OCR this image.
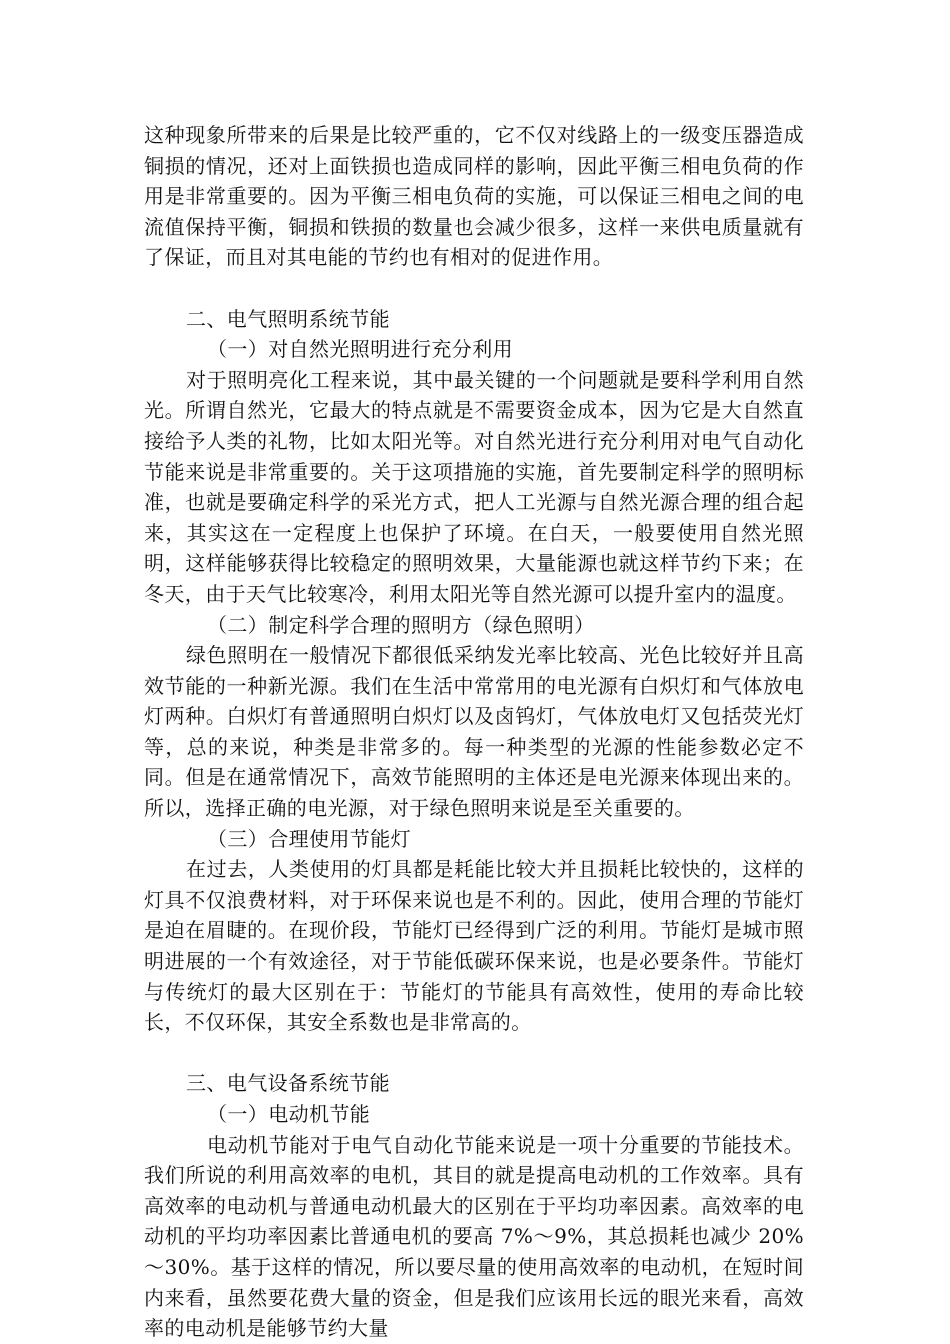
这种现象所带来的后果是比较严重的，它不仅对线路上的一级变压器造成铜损的情况，还对上面铁损也造成同样的影响，因此平衡三相电负荷的作用是非常重要的。因为平衡三相电负荷的实施，可以保证三相电之间的电流值保持平衡，铜损和铁损的数量也会减少很多，这样一来供电质量就有了保证，而且对其电能的节约也有相对的促进作用。

二、电气照明系统节能

（一）对自然光照明进行充分利用

对于照明亮化工程来说，其中最关键的一个问题就是要科学利用自然光。所谓自然光，它最大的特点就是不需要资金成本，因为它是大自然直接给予人类的礼物，比如太阳光等。对自然光进行充分利用对电气自动化节能来说是非常重要的。关于这项措施的实施，首先要制定科学的照明标准，也就是要确定科学的采光方式，把人工光源与自然光源合理的组合起来，其实这在一定程度上也保护了环境。在白天，一般要使用自然光照明，这样能够获得比较稳定的照明效果，大量能源也就这样节约下来；在冬天，由于天气比较寒冷，利用太阳光等自然光源可以提升室内的温度。

（二）制定科学合理的照明方（绿色照明）

绿色照明在一般情况下都很低采纳发光率比较高、光色比较好并且高效节能的一种新光源。我们在生活中常常用的电光源有白炽灯和气体放电灯两种。白炽灯有普通照明白炽灯以及卤钨灯，气体放电灯又包括荧光灯等，总的来说，种类是非常多的。每一种类型的光源的性能参数必定不同。但是在通常情况下，高效节能照明的主体还是电光源来体现出来的。所以，选择正确的电光源，对于绿色照明来说是至关重要的。

（三）合理使用节能灯

在过去，人类使用的灯具都是耗能比较大并且损耗比较快的，这样的灯具不仅浪费材料，对于环保来说也是不利的。因此，使用合理的节能灯是迫在眉睫的。在现价段，节能灯已经得到广泛的利用。节能灯是城市照明进展的一个有效途径，对于节能低碳环保来说，也是必要条件。节能灯与传统灯的最大区别在于：节能灯的节能具有高效性，使用的寿命比较长，不仅环保，其安全系数也是非常高的。

三、电气设备系统节能

（一）电动机节能

电动机节能对于电气自动化节能来说是一项十分重要的节能技术。我们所说的利用高效率的电机，其目的就是提高电动机的工作效率。具有高效率的电动机与普通电动机最大的区别在于平均功率因素。高效率的电动机的平均功率因素比普通电机的要高 7%～9%，其总损耗也减少 20%～30%。基于这样的情况，所以要尽量的使用高效率的电动机，在短时间内来看，虽然要花费大量的资金，但是我们应该用长远的眼光来看，高效率的电动机是能够节约大量
